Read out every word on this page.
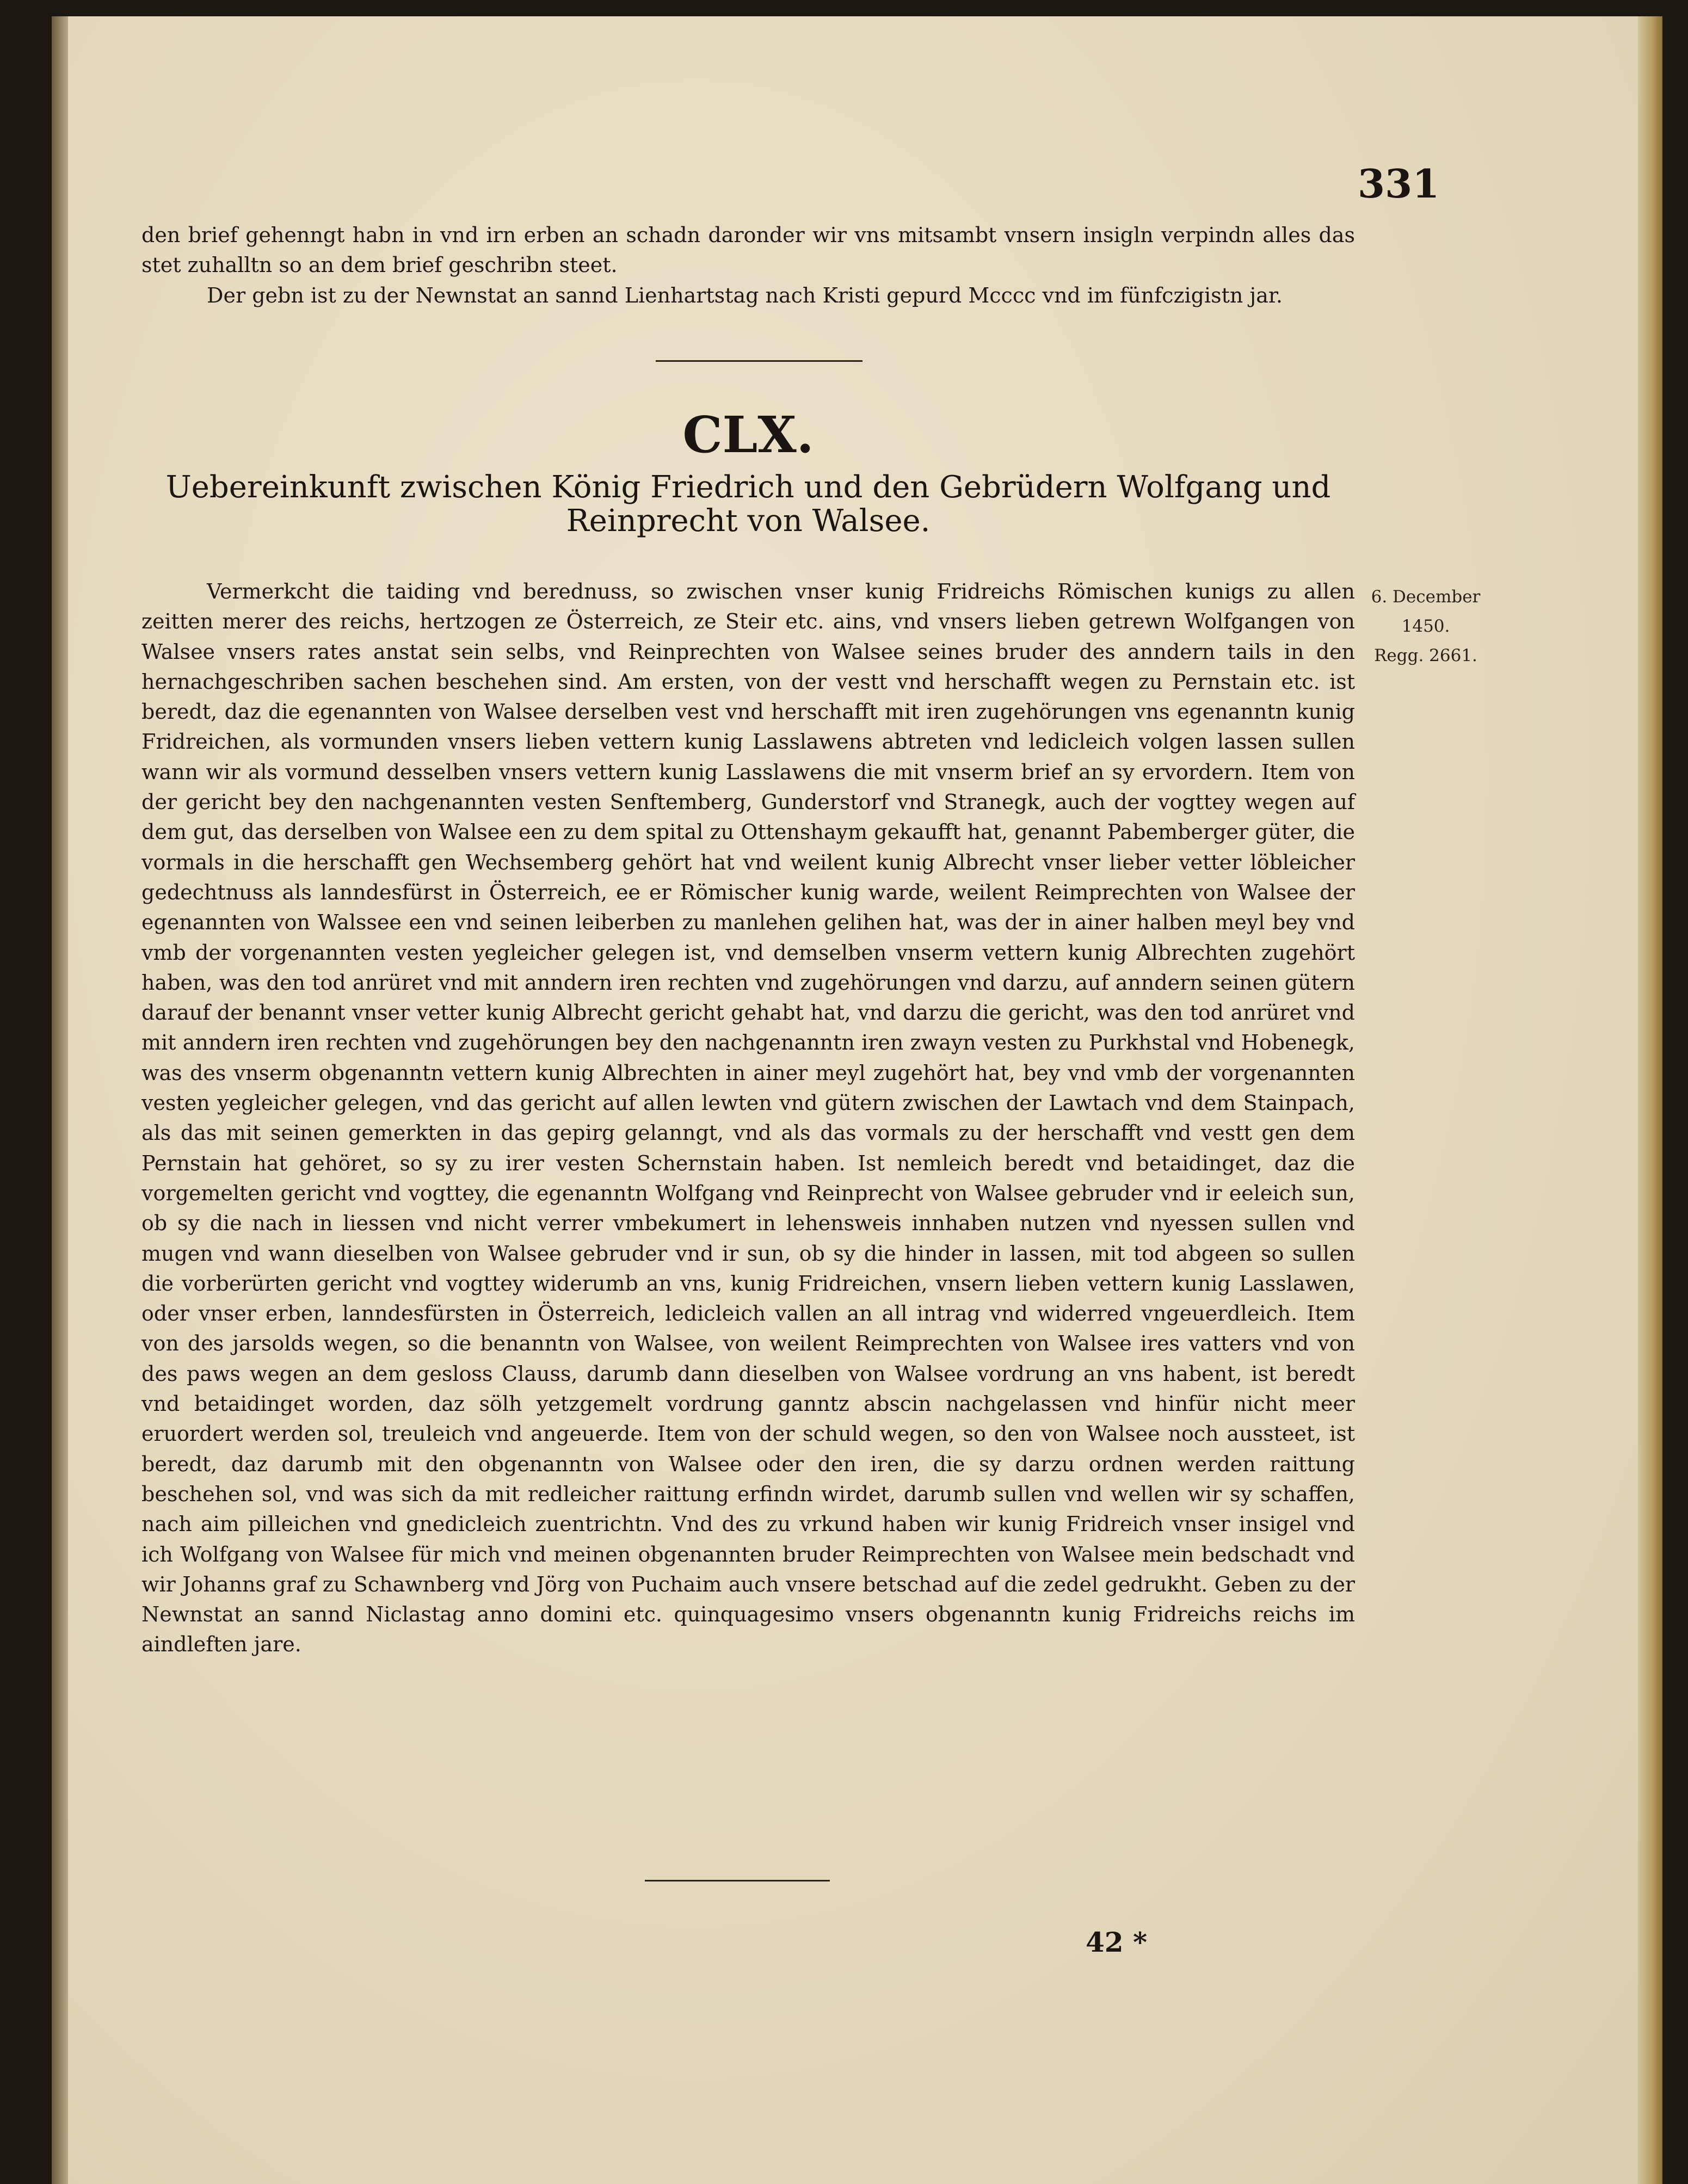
331

den brief gehenngt habn in vnd irn erben an schadn daronder wir vns mitsambt vnsern insigln verpindn alles das stet zuhalltn so an dem brief geschribn steet.

Der gebn ist zu der Newnstat an sannd Lienhartstag nach Kristi gepurd Mcccc vnd im fünfczigistn jar.

CLX.
Uebereinkunft zwischen König Friedrich und den Gebrüdern Wolfgang und
Reinprecht von Walsee.
6. December
1450.
Regg. 2661.

Vermerkcht die taiding vnd berednuss, so zwischen vnser kunig Fridreichs Römischen kunigs zu allen zeitten merer des reichs, hertzogen ze Österreich, ze Steir etc. ains, vnd vnsers lieben getrewn Wolfgangen von Walsee vnsers rates anstat sein selbs, vnd Reinprechten von Walsee seines bruder des anndern tails in den hernachgeschriben sachen beschehen sind. Am ersten, von der vestt vnd herschafft wegen zu Pernstain etc. ist beredt, daz die egenannten von Walsee derselben vest vnd herschafft mit iren zugehörungen vns egenanntn kunig Fridreichen, als vormunden vnsers lieben vettern kunig Lasslawens abtreten vnd ledicleich volgen lassen sullen wann wir als vormund desselben vnsers vettern kunig Lasslawens die mit vnserm brief an sy ervordern. Item von der gericht bey den nachgenannten vesten Senftemberg, Gunderstorf vnd Stranegk, auch der vogttey wegen auf dem gut, das derselben von Walsee een zu dem spital zu Ottenshaym gekaufft hat, genannt Pabemberger güter, die vormals in die herschafft gen Wechsemberg gehört hat vnd weilent kunig Albrecht vnser lieber vetter löbleicher gedechtnuss als lanndesfürst in Österreich, ee er Römischer kunig warde, weilent Reimprechten von Walsee der egenannten von Walssee een vnd seinen leiberben zu manlehen gelihen hat, was der in ainer halben meyl bey vnd vmb der vorgenannten vesten yegleicher gelegen ist, vnd demselben vnserm vettern kunig Albrechten zugehört haben, was den tod anrüret vnd mit anndern iren rechten vnd zugehörungen vnd darzu, auf anndern seinen gütern darauf der benannt vnser vetter kunig Albrecht gericht gehabt hat, vnd darzu die gericht, was den tod anrüret vnd mit anndern iren rechten vnd zugehörungen bey den nachgenanntn iren zwayn vesten zu Purkhstal vnd Hobenegk, was des vnserm obgenanntn vettern kunig Albrechten in ainer meyl zugehört hat, bey vnd vmb der vorgenannten vesten yegleicher gelegen, vnd das gericht auf allen lewten vnd gütern zwischen der Lawtach vnd dem Stainpach, als das mit seinen gemerkten in das gepirg gelanngt, vnd als das vormals zu der herschafft vnd vestt gen dem Pernstain hat gehöret, so sy zu irer vesten Schernstain haben. Ist nemleich beredt vnd betaidinget, daz die vorgemelten gericht vnd vogttey, die egenanntn Wolfgang vnd Reinprecht von Walsee gebruder vnd ir eeleich sun, ob sy die nach in liessen vnd nicht verrer vmbekumert in lehensweis innhaben nutzen vnd nyessen sullen vnd mugen vnd wann dieselben von Walsee gebruder vnd ir sun, ob sy die hinder in lassen, mit tod abgeen so sullen die vorberürten gericht vnd vogttey widerumb an vns, kunig Fridreichen, vnsern lieben vettern kunig Lasslawen, oder vnser erben, lanndesfürsten in Österreich, ledicleich vallen an all intrag vnd widerred vngeuerdleich. Item von des jarsolds wegen, so die benanntn von Walsee, von weilent Reimprechten von Walsee ires vatters vnd von des paws wegen an dem gesloss Clauss, darumb dann dieselben von Walsee vordrung an vns habent, ist beredt vnd betaidinget worden, daz sölh yetzgemelt vordrung ganntz abscin nachgelassen vnd hinfür nicht meer eruordert werden sol, treuleich vnd angeuerde. Item von der schuld wegen, so den von Walsee noch aussteet, ist beredt, daz darumb mit den obgenanntn von Walsee oder den iren, die sy darzu ordnen werden raittung beschehen sol, vnd was sich da mit redleicher raittung erfindn wirdet, darumb sullen vnd wellen wir sy schaffen, nach aim pilleichen vnd gnedicleich zuentrichtn. Vnd des zu vrkund haben wir kunig Fridreich vnser insigel vnd ich Wolfgang von Walsee für mich vnd meinen obgenannten bruder Reimprechten von Walsee mein bedschadt vnd wir Johanns graf zu Schawnberg vnd Jörg von Puchaim auch vnsere betschad auf die zedel gedrukht. Geben zu der Newnstat an sannd Niclastag anno domini etc. quinquagesimo vnsers obgenanntn kunig Fridreichs reichs im aindleften jare.

42 *
